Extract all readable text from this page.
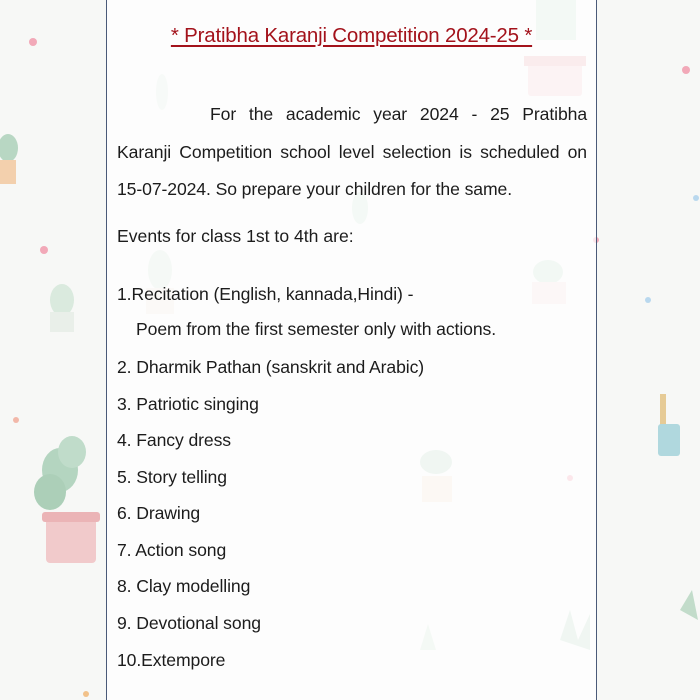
* Pratibha Karanji Competition 2024-25 *
For the academic year 2024 - 25 Pratibha Karanji Competition school level selection is scheduled on 15-07-2024. So prepare your children for the same.
Events for class 1st to 4th are:
1.Recitation (English, kannada,Hindi) -
Poem from the first semester only with actions.
2. Dharmik Pathan (sanskrit and Arabic)
3. Patriotic singing
4. Fancy dress
5. Story telling
6. Drawing
7. Action song
8. Clay modelling
9. Devotional song
10.Extempore
